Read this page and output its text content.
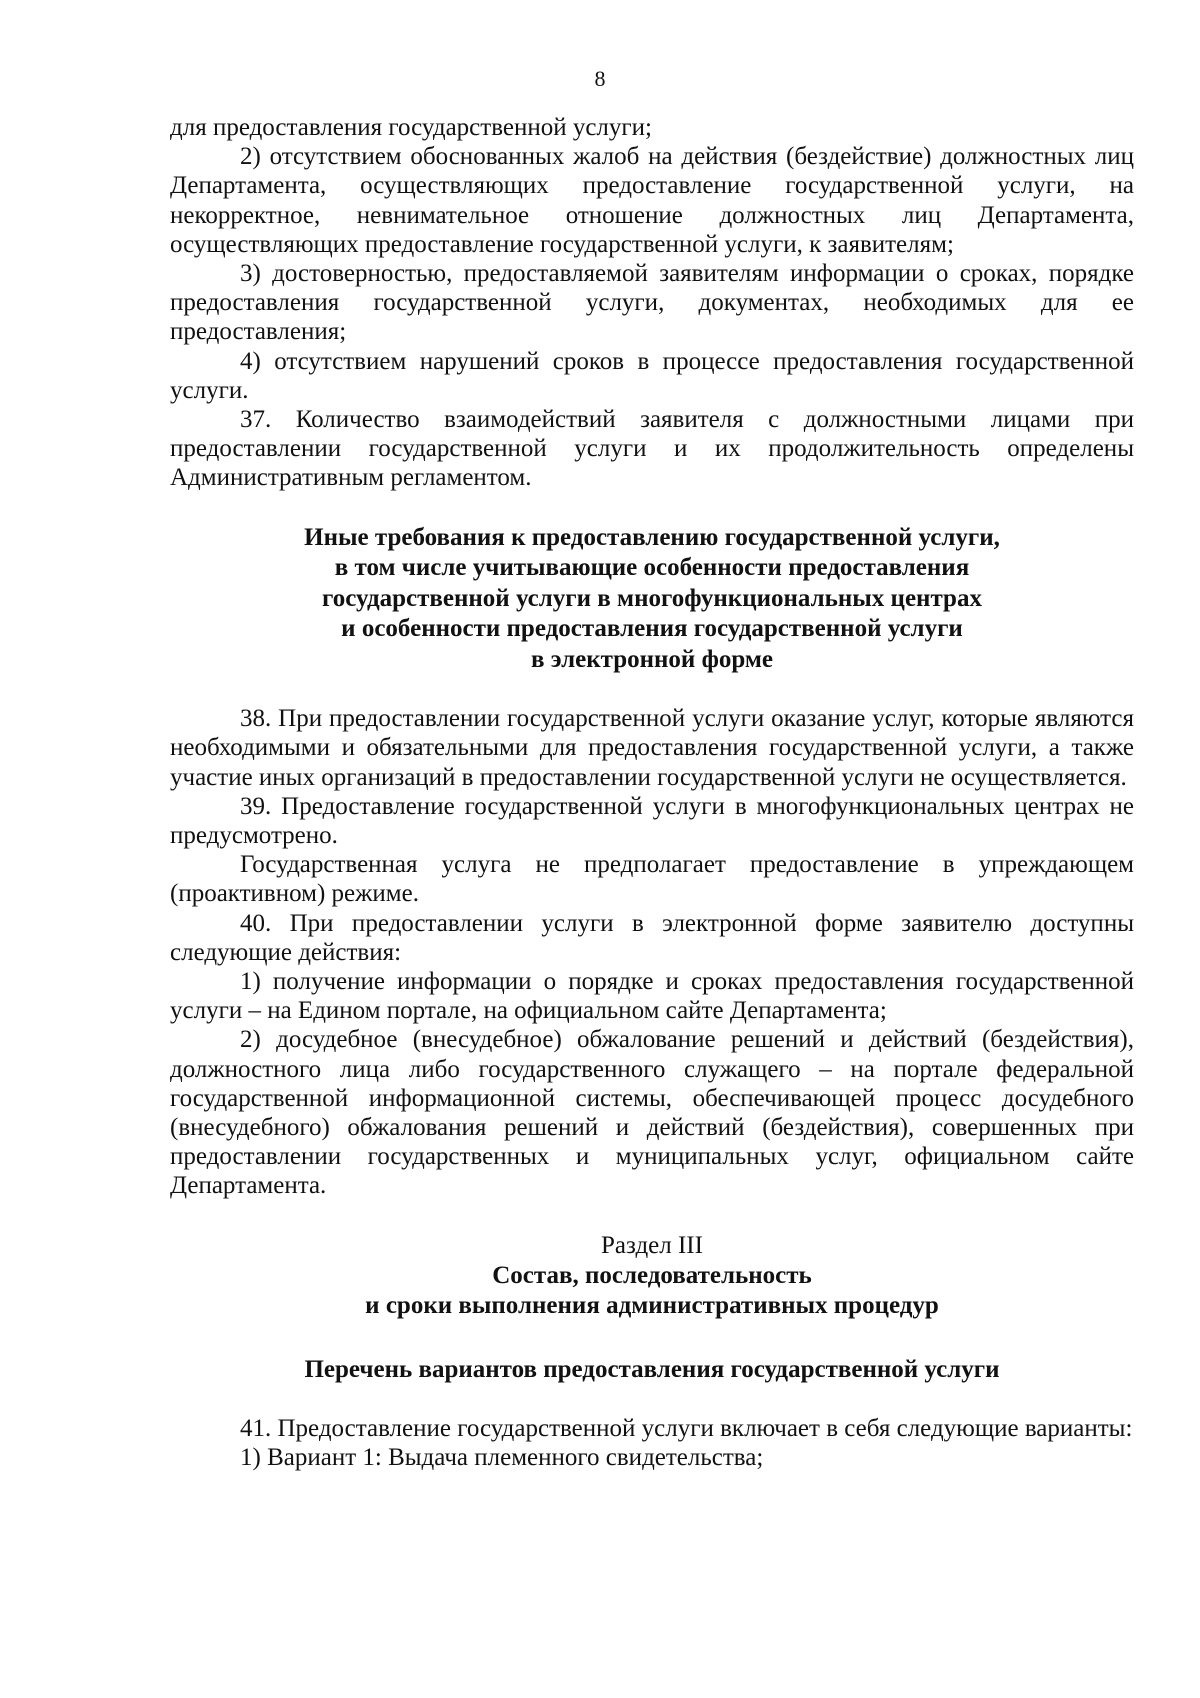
8

для предоставления государственной услуги;

2) отсутствием обоснованных жалоб на действия (бездействие) должностных лиц Департамента, осуществляющих предоставление государственной услуги, на некорректное, невнимательное отношение должностных лиц Департамента, осуществляющих предоставление государственной услуги, к заявителям;

3) достоверностью, предоставляемой заявителям информации о сроках, порядке предоставления государственной услуги, документах, необходимых для ее предоставления;

4) отсутствием нарушений сроков в процессе предоставления государственной услуги.

37. Количество взаимодействий заявителя с должностными лицами при предоставлении государственной услуги и их продолжительность определены Административным регламентом.

Иные требования к предоставлению государственной услуги,

в том числе учитывающие особенности предоставления

государственной услуги в многофункциональных центрах

и особенности предоставления государственной услуги

в электронной форме

38. При предоставлении государственной услуги оказание услуг, которые являются необходимыми и обязательными для предоставления государственной услуги, а также участие иных организаций в предоставлении государственной услуги не осуществляется.

39. Предоставление государственной услуги в многофункциональных центрах не предусмотрено.

Государственная услуга не предполагает предоставление в упреждающем (проактивном) режиме.

40. При предоставлении услуги в электронной форме заявителю доступны следующие действия:

1) получение информации о порядке и сроках предоставления государственной услуги – на Едином портале, на официальном сайте Департамента;

2) досудебное (внесудебное) обжалование решений и действий (бездействия), должностного лица либо государственного служащего – на портале федеральной государственной информационной системы, обеспечивающей процесс досудебного (внесудебного) обжалования решений и действий (бездействия), совершенных при предоставлении государственных и муниципальных услуг, официальном сайте Департамента.

Раздел III

Состав, последовательность

и сроки выполнения административных процедур

Перечень вариантов предоставления государственной услуги

41. Предоставление государственной услуги включает в себя следующие варианты:

1) Вариант 1: Выдача племенного свидетельства;
